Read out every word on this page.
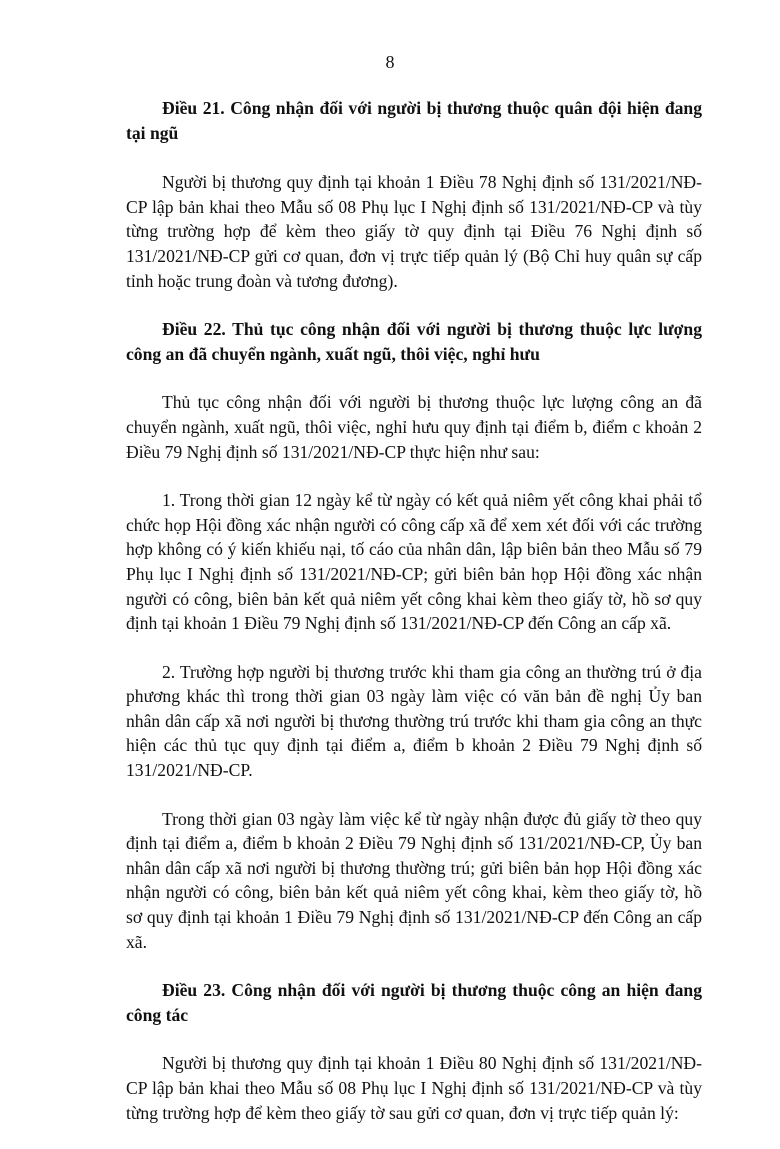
8
Điều 21. Công nhận đối với người bị thương thuộc quân đội hiện đang tại ngũ
Người bị thương quy định tại khoản 1 Điều 78 Nghị định số 131/2021/NĐ-CP lập bản khai theo Mẫu số 08 Phụ lục I Nghị định số 131/2021/NĐ-CP và tùy từng trường hợp để kèm theo giấy tờ quy định tại Điều 76 Nghị định số 131/2021/NĐ-CP gửi cơ quan, đơn vị trực tiếp quản lý (Bộ Chỉ huy quân sự cấp tỉnh hoặc trung đoàn và tương đương).
Điều 22. Thủ tục công nhận đối với người bị thương thuộc lực lượng công an đã chuyển ngành, xuất ngũ, thôi việc, nghỉ hưu
Thủ tục công nhận đối với người bị thương thuộc lực lượng công an đã chuyển ngành, xuất ngũ, thôi việc, nghỉ hưu quy định tại điểm b, điểm c khoản 2 Điều 79 Nghị định số 131/2021/NĐ-CP thực hiện như sau:
1. Trong thời gian 12 ngày kể từ ngày có kết quả niêm yết công khai phải tổ chức họp Hội đồng xác nhận người có công cấp xã để xem xét đối với các trường hợp không có ý kiến khiếu nại, tố cáo của nhân dân, lập biên bản theo Mẫu số 79 Phụ lục I Nghị định số 131/2021/NĐ-CP; gửi biên bản họp Hội đồng xác nhận người có công, biên bản kết quả niêm yết công khai kèm theo giấy tờ, hồ sơ quy định tại khoản 1 Điều 79 Nghị định số 131/2021/NĐ-CP đến Công an cấp xã.
2. Trường hợp người bị thương trước khi tham gia công an thường trú ở địa phương khác thì trong thời gian 03 ngày làm việc có văn bản đề nghị Ủy ban nhân dân cấp xã nơi người bị thương thường trú trước khi tham gia công an thực hiện các thủ tục quy định tại điểm a, điểm b khoản 2 Điều 79 Nghị định số 131/2021/NĐ-CP.
Trong thời gian 03 ngày làm việc kể từ ngày nhận được đủ giấy tờ theo quy định tại điểm a, điểm b khoản 2 Điều 79 Nghị định số 131/2021/NĐ-CP, Ủy ban nhân dân cấp xã nơi người bị thương thường trú; gửi biên bản họp Hội đồng xác nhận người có công, biên bản kết quả niêm yết công khai, kèm theo giấy tờ, hồ sơ quy định tại khoản 1 Điều 79 Nghị định số 131/2021/NĐ-CP đến Công an cấp xã.
Điều 23. Công nhận đối với người bị thương thuộc công an hiện đang công tác
Người bị thương quy định tại khoản 1 Điều 80 Nghị định số 131/2021/NĐ-CP lập bản khai theo Mẫu số 08 Phụ lục I Nghị định số 131/2021/NĐ-CP và tùy từng trường hợp để kèm theo giấy tờ sau gửi cơ quan, đơn vị trực tiếp quản lý:
